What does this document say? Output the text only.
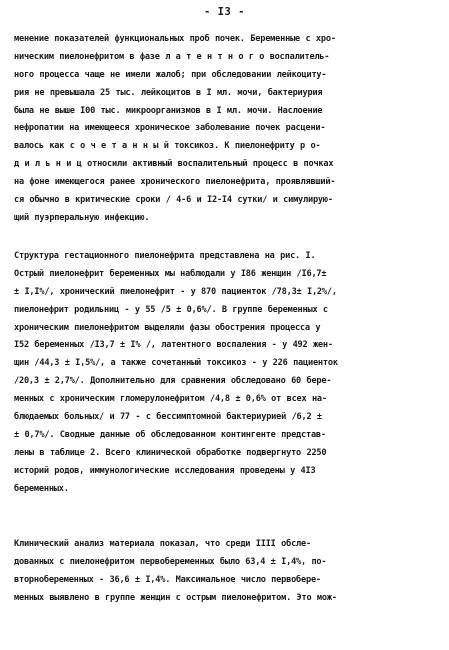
- I3 -
менение показателей функциональных проб почек. Беременные с хро-
ническим пиелонефритом в фазе л а т е н т н о г о воспалитель-
ного процесса чаще не имели жалоб; при обследовании лейкоциту-
рия не превышала 25 тыс. лейкоцитов в I мл. мочи, бактериурия
была не выше I00 тыс. микроорганизмов в I мл. мочи. Наслоение
нефропатии на имеющееся хроническое заболевание почек расцени-
валось как с о ч е т а н н ы й токсикоз. К пиелонефриту р о-
д и л ь н и ц относили активный воспалительный процесс в почках
на фоне имеющегося ранее хронического пиелонефрита, проявлявший-
ся обычно в критические сроки / 4-6 и I2-I4 сутки/ и симулирую-
щий пуэрперальную инфекцию.
Структура гестационного пиелонефрита представлена на рис. I.
Острый пиелонефрит беременных мы наблюдали у I86 женщин /I6,7±
± I,I%/, хронический пиелонефрит - у 870 пациенток /78,3± I,2%/,
пиелонефрит родильниц - у 55 /5 ± 0,6%/. В группе беременных с
хроническим пиелонефритом выделяли фазы обострения процесса у
I52 беременных /I3,7 ± I% /, латентного воспаления - у 492 жен-
щин /44,3 ± I,5%/, а также сочетанный токсикоз - у 226 пациенток
/20,3 ± 2,7%/. Дополнительно для сравнения обследовано 60 бере-
менных с хроническим гломерулонефритом /4,8 ± 0,6% от всех на-
блюдаемых больных/ и 77 - с бессимптомной бактериурией /6,2 ±
± 0,7%/. Сводные данные об обследованном контингенте представ-
лены в таблице 2. Всего клинической обработке подвергнуто 2250
историй родов, иммунологические исследования проведены у 4I3
беременных.
Клинический анализ материала показал, что среди IIII обсле-
дованных с пиелонефритом первобеременных было 63,4 ± I,4%, по-
вторнобеременных - 36,6 ± I,4%. Максимальное число первобере-
менных выявлено в группе женщин с острым пиелонефритом. Это мож-
